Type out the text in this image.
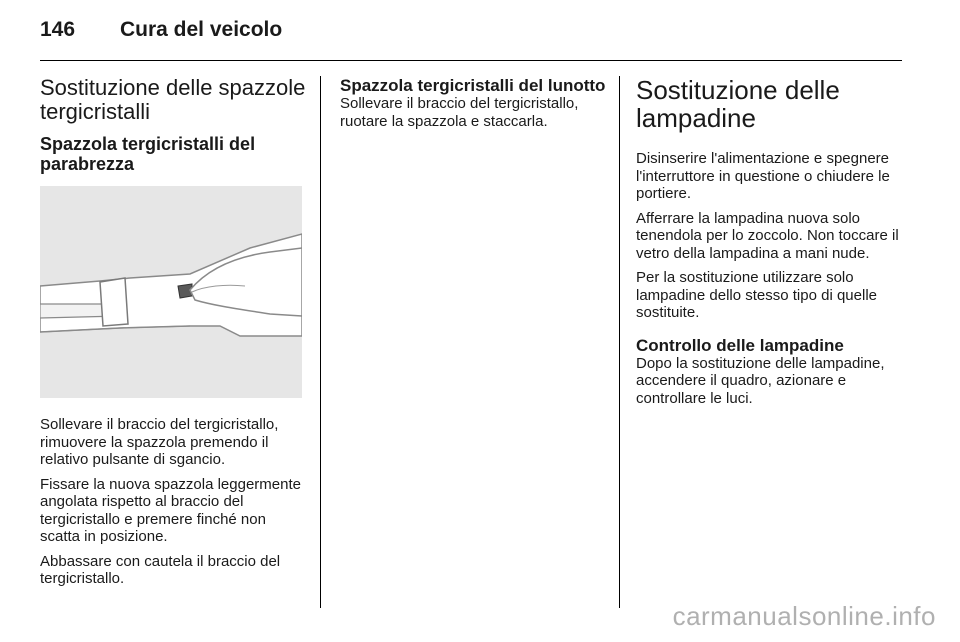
146 Cura del veicolo
Sostituzione delle spazzole tergicristalli
Spazzola tergicristalli del parabrezza

Sollevare il braccio del tergicristallo, rimuovere la spazzola premendo il relativo pulsante di sgancio.

Fissare la nuova spazzola leggermente angolata rispetto al braccio del tergicristallo e premere finché non scatta in posizione.

Abbassare con cautela il braccio del tergicristallo.

Spazzola tergicristalli del lunotto

Sollevare il braccio del tergicristallo, ruotare la spazzola e staccarla.

Sostituzione delle lampadine

Disinserire l'alimentazione e spegnere l'interruttore in questione o chiudere le portiere.

Afferrare la lampadina nuova solo tenendola per lo zoccolo. Non toccare il vetro della lampadina a mani nude.

Per la sostituzione utilizzare solo lampadine dello stesso tipo di quelle sostituite.

Controllo delle lampadine

Dopo la sostituzione delle lampadine, accendere il quadro, azionare e controllare le luci.

carmanualsonline.info
